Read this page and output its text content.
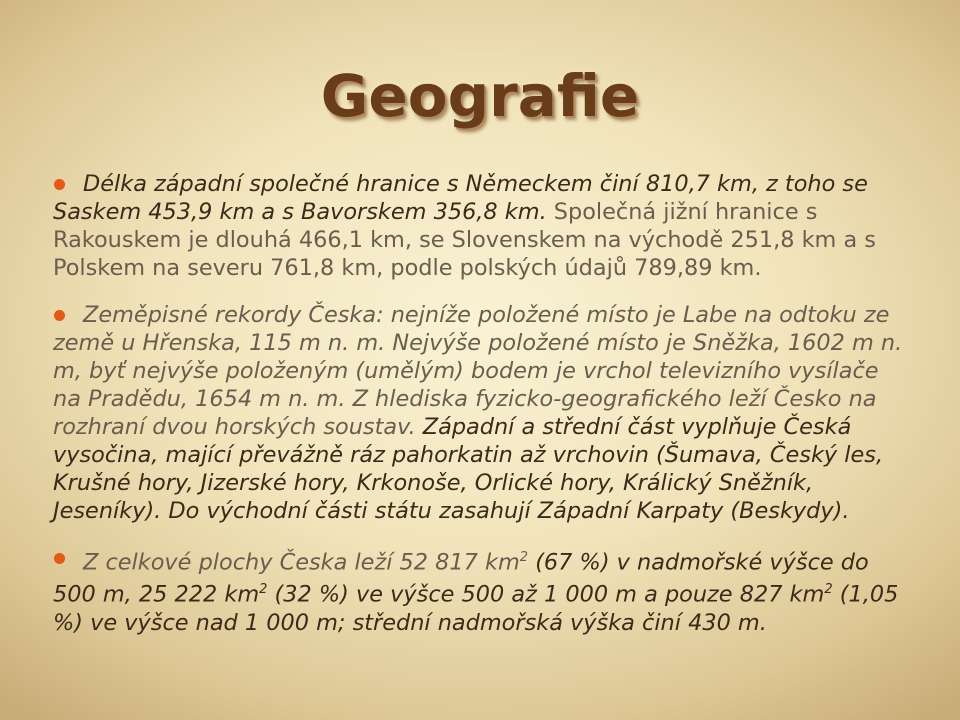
Geografie
Délka západní společné hranice s Německem činí 810,7 km, z toho se Saskem 453,9 km a s Bavorskem 356,8 km. Společná jižní hranice s Rakouskem je dlouhá 466,1 km, se Slovenskem na východě 251,8 km a s Polskem na severu 761,8 km, podle polských údajů 789,89 km.
Zeměpisné rekordy Česka: nejníže položené místo je Labe na odtoku ze země u Hřenska, 115 m n. m. Nejvýše položené místo je Sněžka, 1602 m n. m, byť nejvýše položeným (umělým) bodem je vrchol televizního vysílače na Pradědu, 1654 m n. m. Z hlediska fyzicko-geografického leží Česko na rozhraní dvou horských soustav. Západní a střední část vyplňuje Česká vysočina, mající převážně ráz pahorkatin až vrchovin (Šumava, Český les, Krušné hory, Jizerské hory, Krkonoše, Orlické hory, Králický Sněžník, Jeseníky). Do východní části státu zasahují Západní Karpaty (Beskydy).
Z celkové plochy Česka leží 52 817 $km^2$ (67 %) v nadmořské výšce do 500 m, 25 222 $km^2$ (32 %) ve výšce 500 až 1 000 m a pouze 827 $km^2$ (1,05 %) ve výšce nad 1 000 m; střední nadmořská výška činí 430 m.
